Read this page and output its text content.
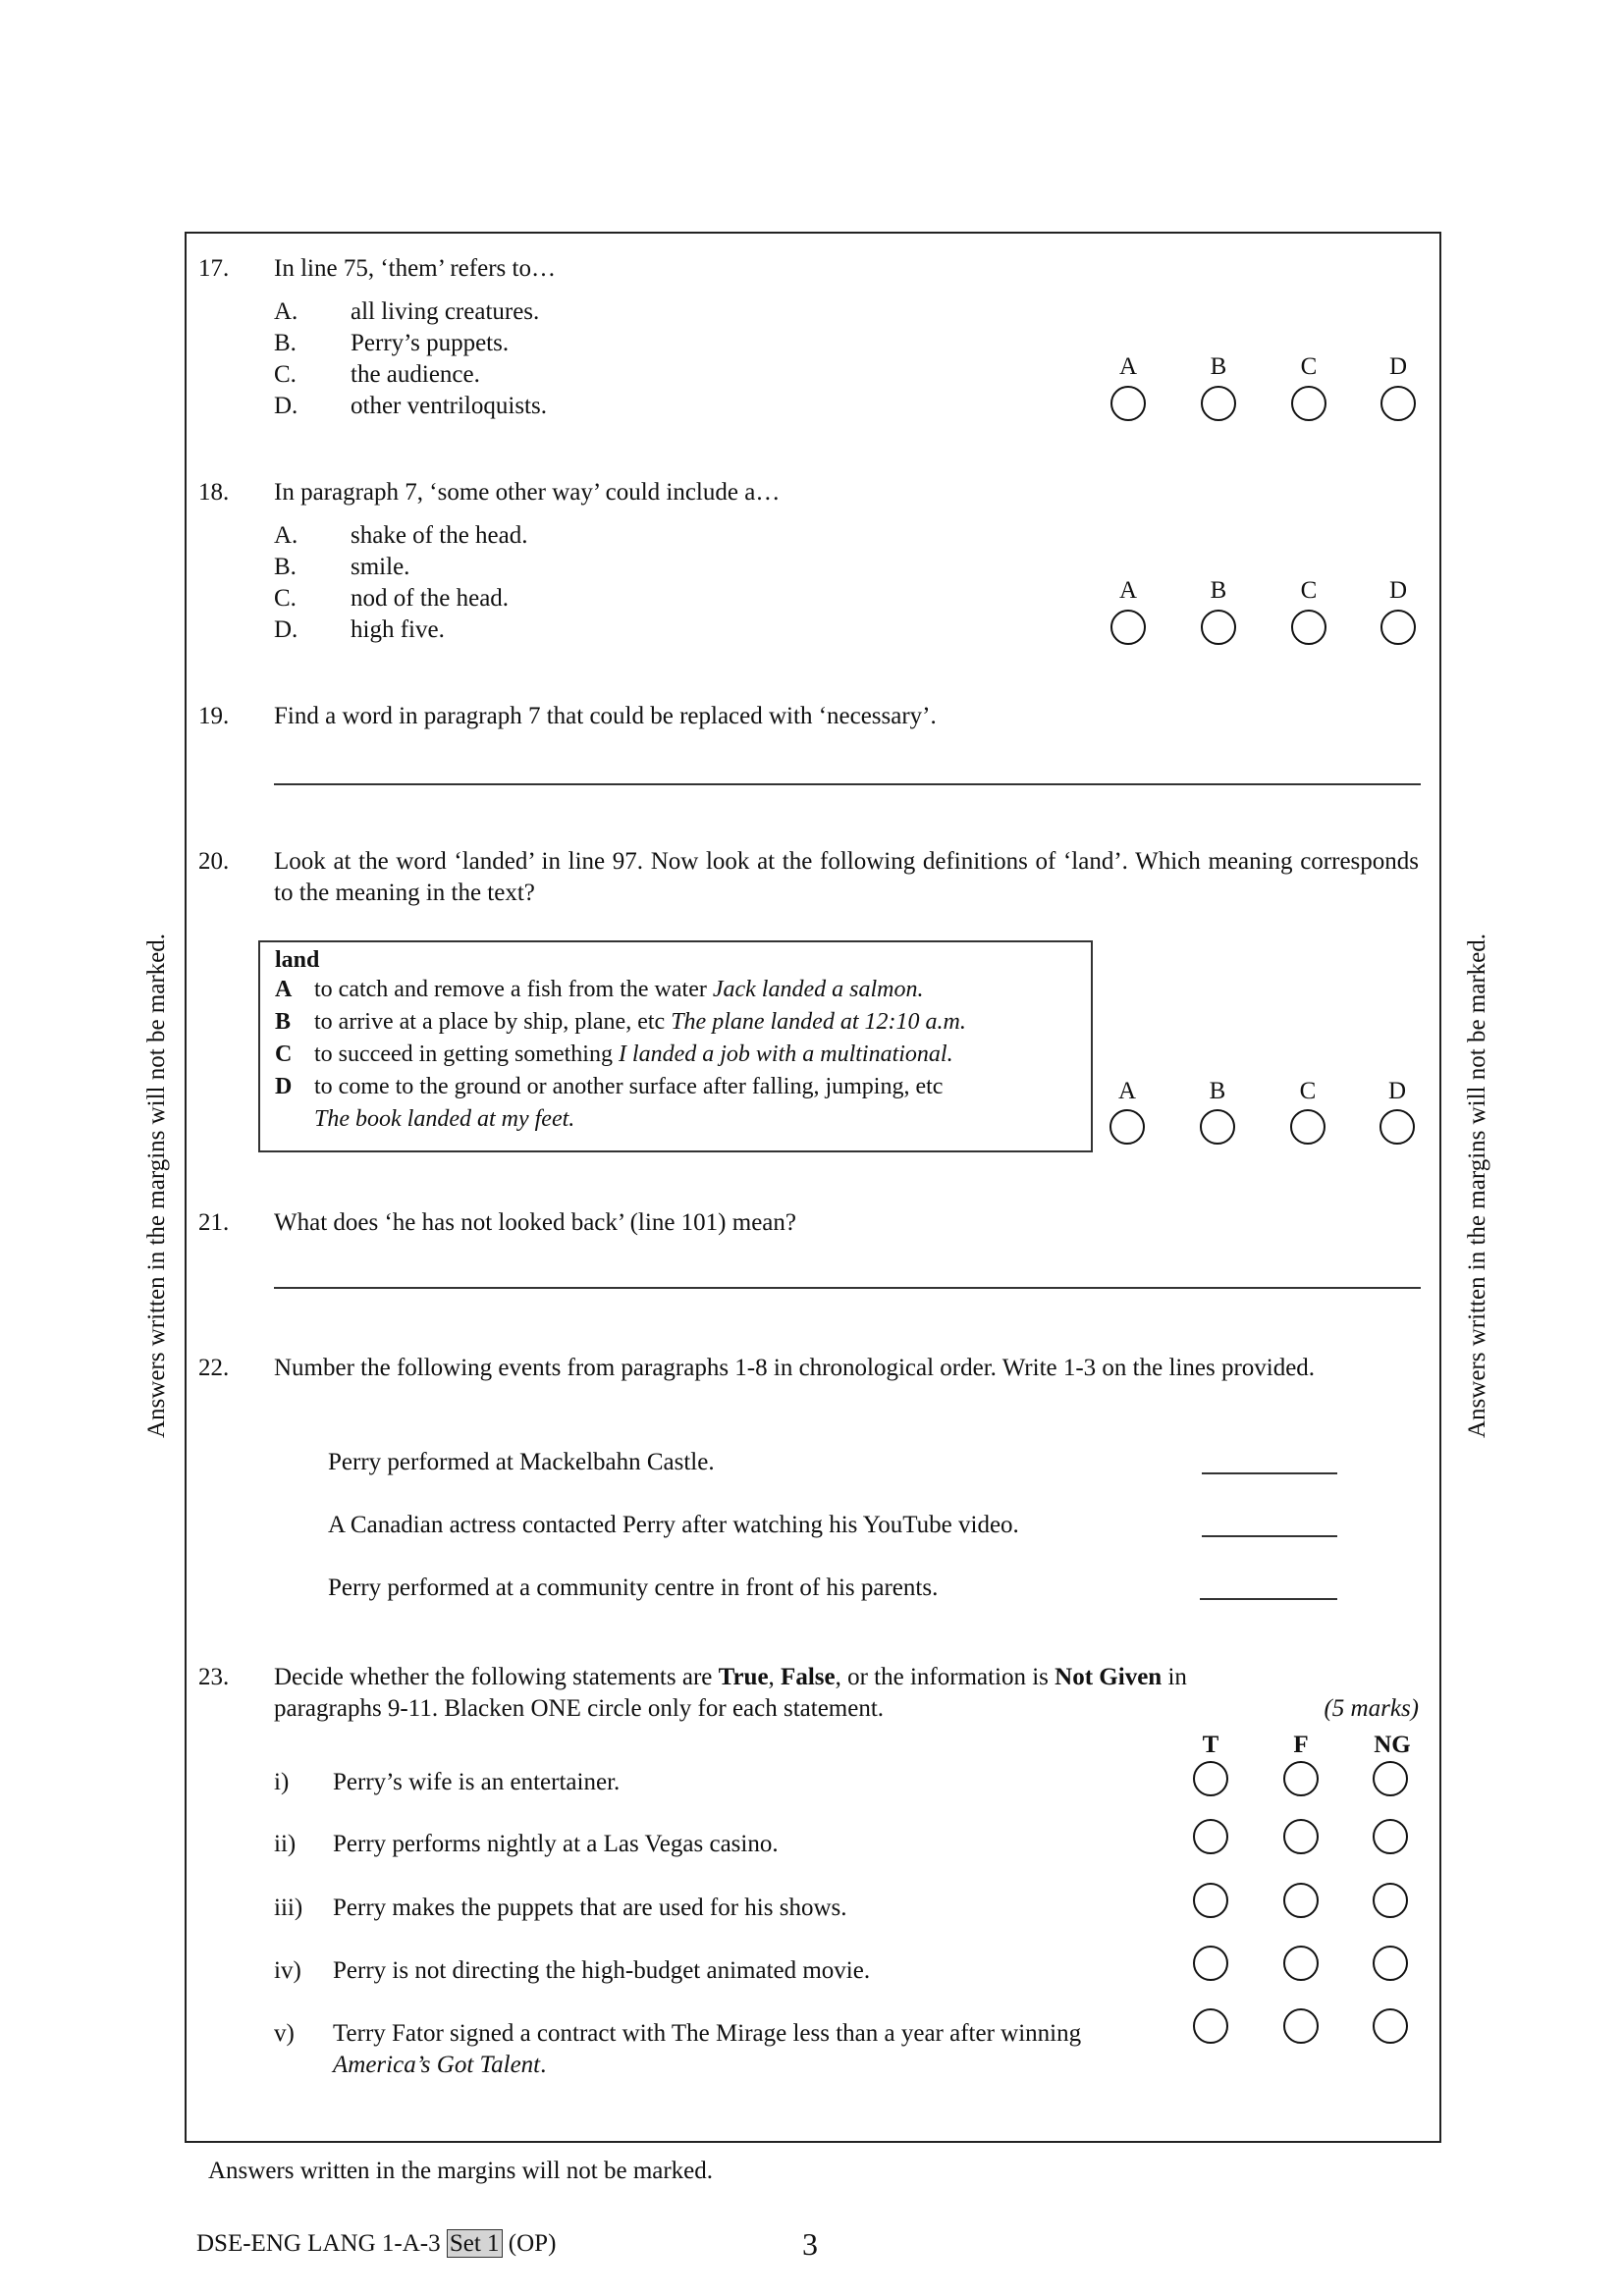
Answers written in the margins will not be marked.	Answers written in the margins will not be marked.
17. In line 75, ‘them’ refers to…
A. all living creatures.
B. Perry’s puppets.
C. the audience.
D. other ventriloquists.
A	B	C	D
18. In paragraph 7, ‘some other way’ could include a…
A. shake of the head.
B. smile.
C. nod of the head.
D. high five.
A	B	C	D
19. Find a word in paragraph 7 that could be replaced with ‘necessary’.
20. Look at the word ‘landed’ in line 97. Now look at the following definitions of ‘land’. Which meaning corresponds to the meaning in the text?
land
A to catch and remove a fish from the water Jack landed a salmon.
B to arrive at a place by ship, plane, etc The plane landed at 12:10 a.m.
C to succeed in getting something I landed a job with a multinational.
D to come to the ground or another surface after falling, jumping, etc
The book landed at my feet.
A	B	C	D
21. What does ‘he has not looked back’ (line 101) mean?
22. Number the following events from paragraphs 1-8 in chronological order. Write 1-3 on the lines provided.
Perry performed at Mackelbahn Castle.
A Canadian actress contacted Perry after watching his YouTube video.
Perry performed at a community centre in front of his parents.
23. Decide whether the following statements are True, False, or the information is Not Given in
paragraphs 9-11. Blacken ONE circle only for each statement.	(5 marks)
T	F	NG
i) Perry’s wife is an entertainer.
ii) Perry performs nightly at a Las Vegas casino.
iii) Perry makes the puppets that are used for his shows.
iv) Perry is not directing the high-budget animated movie.
v) Terry Fator signed a contract with The Mirage less than a year after winning
America’s Got Talent.
Answers written in the margins will not be marked.
DSE-ENG LANG 1-A-3 Set 1 (OP)	3
